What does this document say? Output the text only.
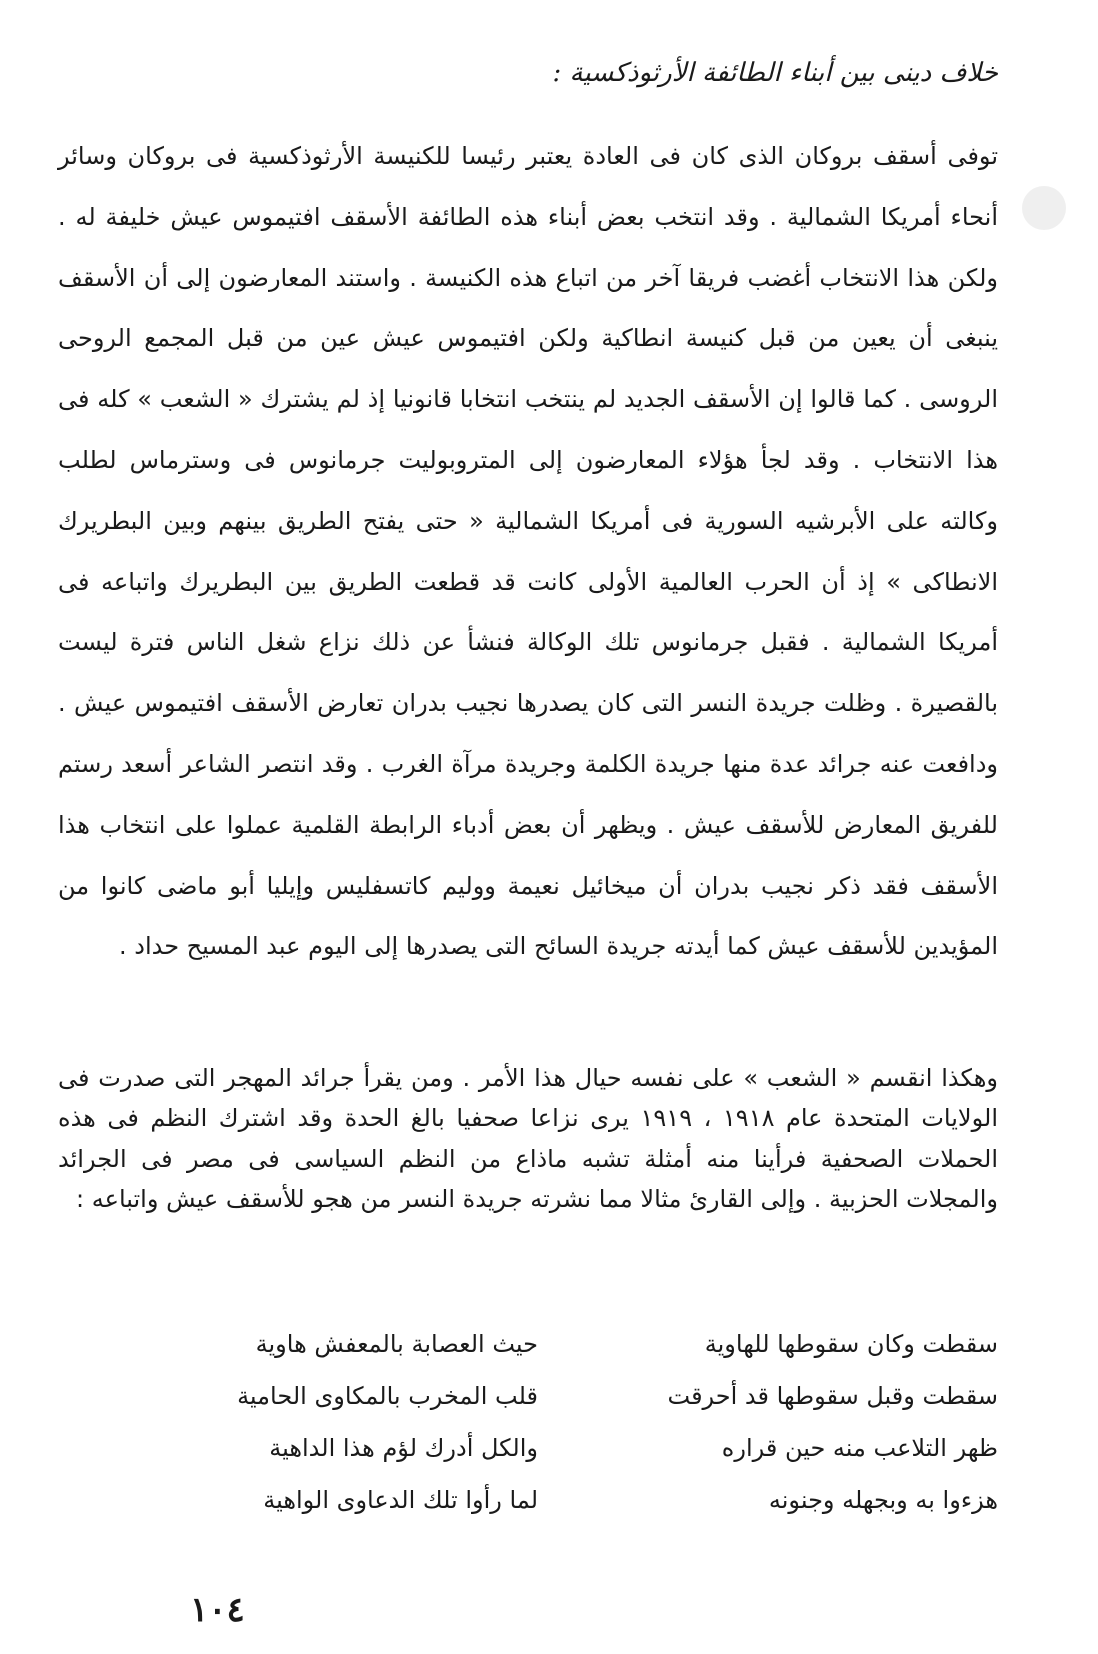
خلاف دينى بين أبناء الطائفة الأرثوذكسية :

توفى أسقف بروكان الذى كان فى العادة يعتبر رئيسا للكنيسة الأرثوذكسية فى بروكان وسائر أنحاء أمريكا الشمالية . وقد انتخب بعض أبناء هذه الطائفة الأسقف افتيموس عيش خليفة له . ولكن هذا الانتخاب أغضب فريقا آخر من اتباع هذه الكنيسة . واستند المعارضون إلى أن الأسقف ينبغى أن يعين من قبل كنيسة انطاكية ولكن افتيموس عيش عين من قبل المجمع الروحى الروسى . كما قالوا إن الأسقف الجديد لم ينتخب انتخابا قانونيا إذ لم يشترك « الشعب » كله فى هذا الانتخاب . وقد لجأ هؤلاء المعارضون إلى المتروبوليت جرمانوس فى وسترماس لطلب وكالته على الأبرشيه السورية فى أمريكا الشمالية « حتى يفتح الطريق بينهم وبين البطريرك الانطاكى » إذ أن الحرب العالمية الأولى كانت قد قطعت الطريق بين البطريرك واتباعه فى أمريكا الشمالية . فقبل جرمانوس تلك الوكالة فنشأ عن ذلك نزاع شغل الناس فترة ليست بالقصيرة . وظلت جريدة النسر التى كان يصدرها نجيب بدران تعارض الأسقف افتيموس عيش . ودافعت عنه جرائد عدة منها جريدة الكلمة وجريدة مرآة الغرب . وقد انتصر الشاعر أسعد رستم للفريق المعارض للأسقف عيش . ويظهر أن بعض أدباء الرابطة القلمية عملوا على انتخاب هذا الأسقف فقد ذكر نجيب بدران أن ميخائيل نعيمة ووليم كاتسفليس وإيليا أبو ماضى كانوا من المؤيدين للأسقف عيش كما أيدته جريدة السائح التى يصدرها إلى اليوم عبد المسيح حداد .

وهكذا انقسم « الشعب » على نفسه حيال هذا الأمر . ومن يقرأ جرائد المهجر التى صدرت فى الولايات المتحدة عام ١٩١٨ ، ١٩١٩ يرى نزاعا صحفيا بالغ الحدة وقد اشترك النظم فى هذه الحملات الصحفية فرأينا منه أمثلة تشبه ماذاع من النظم السياسى فى مصر فى الجرائد والمجلات الحزبية . وإلى القارئ مثالا مما نشرته جريدة النسر من هجو للأسقف عيش واتباعه :

سقطت وكان سقوطها للهاوية
حيث العصابة بالمعفش هاوية
سقطت وقبل سقوطها قد أحرقت
قلب المخرب بالمكاوى الحامية
ظهر التلاعب منه حين قراره
والكل أدرك لؤم هذا الداهية
هزءوا به وبجهله وجنونه
لما رأوا تلك الدعاوى الواهية
١٠٤
